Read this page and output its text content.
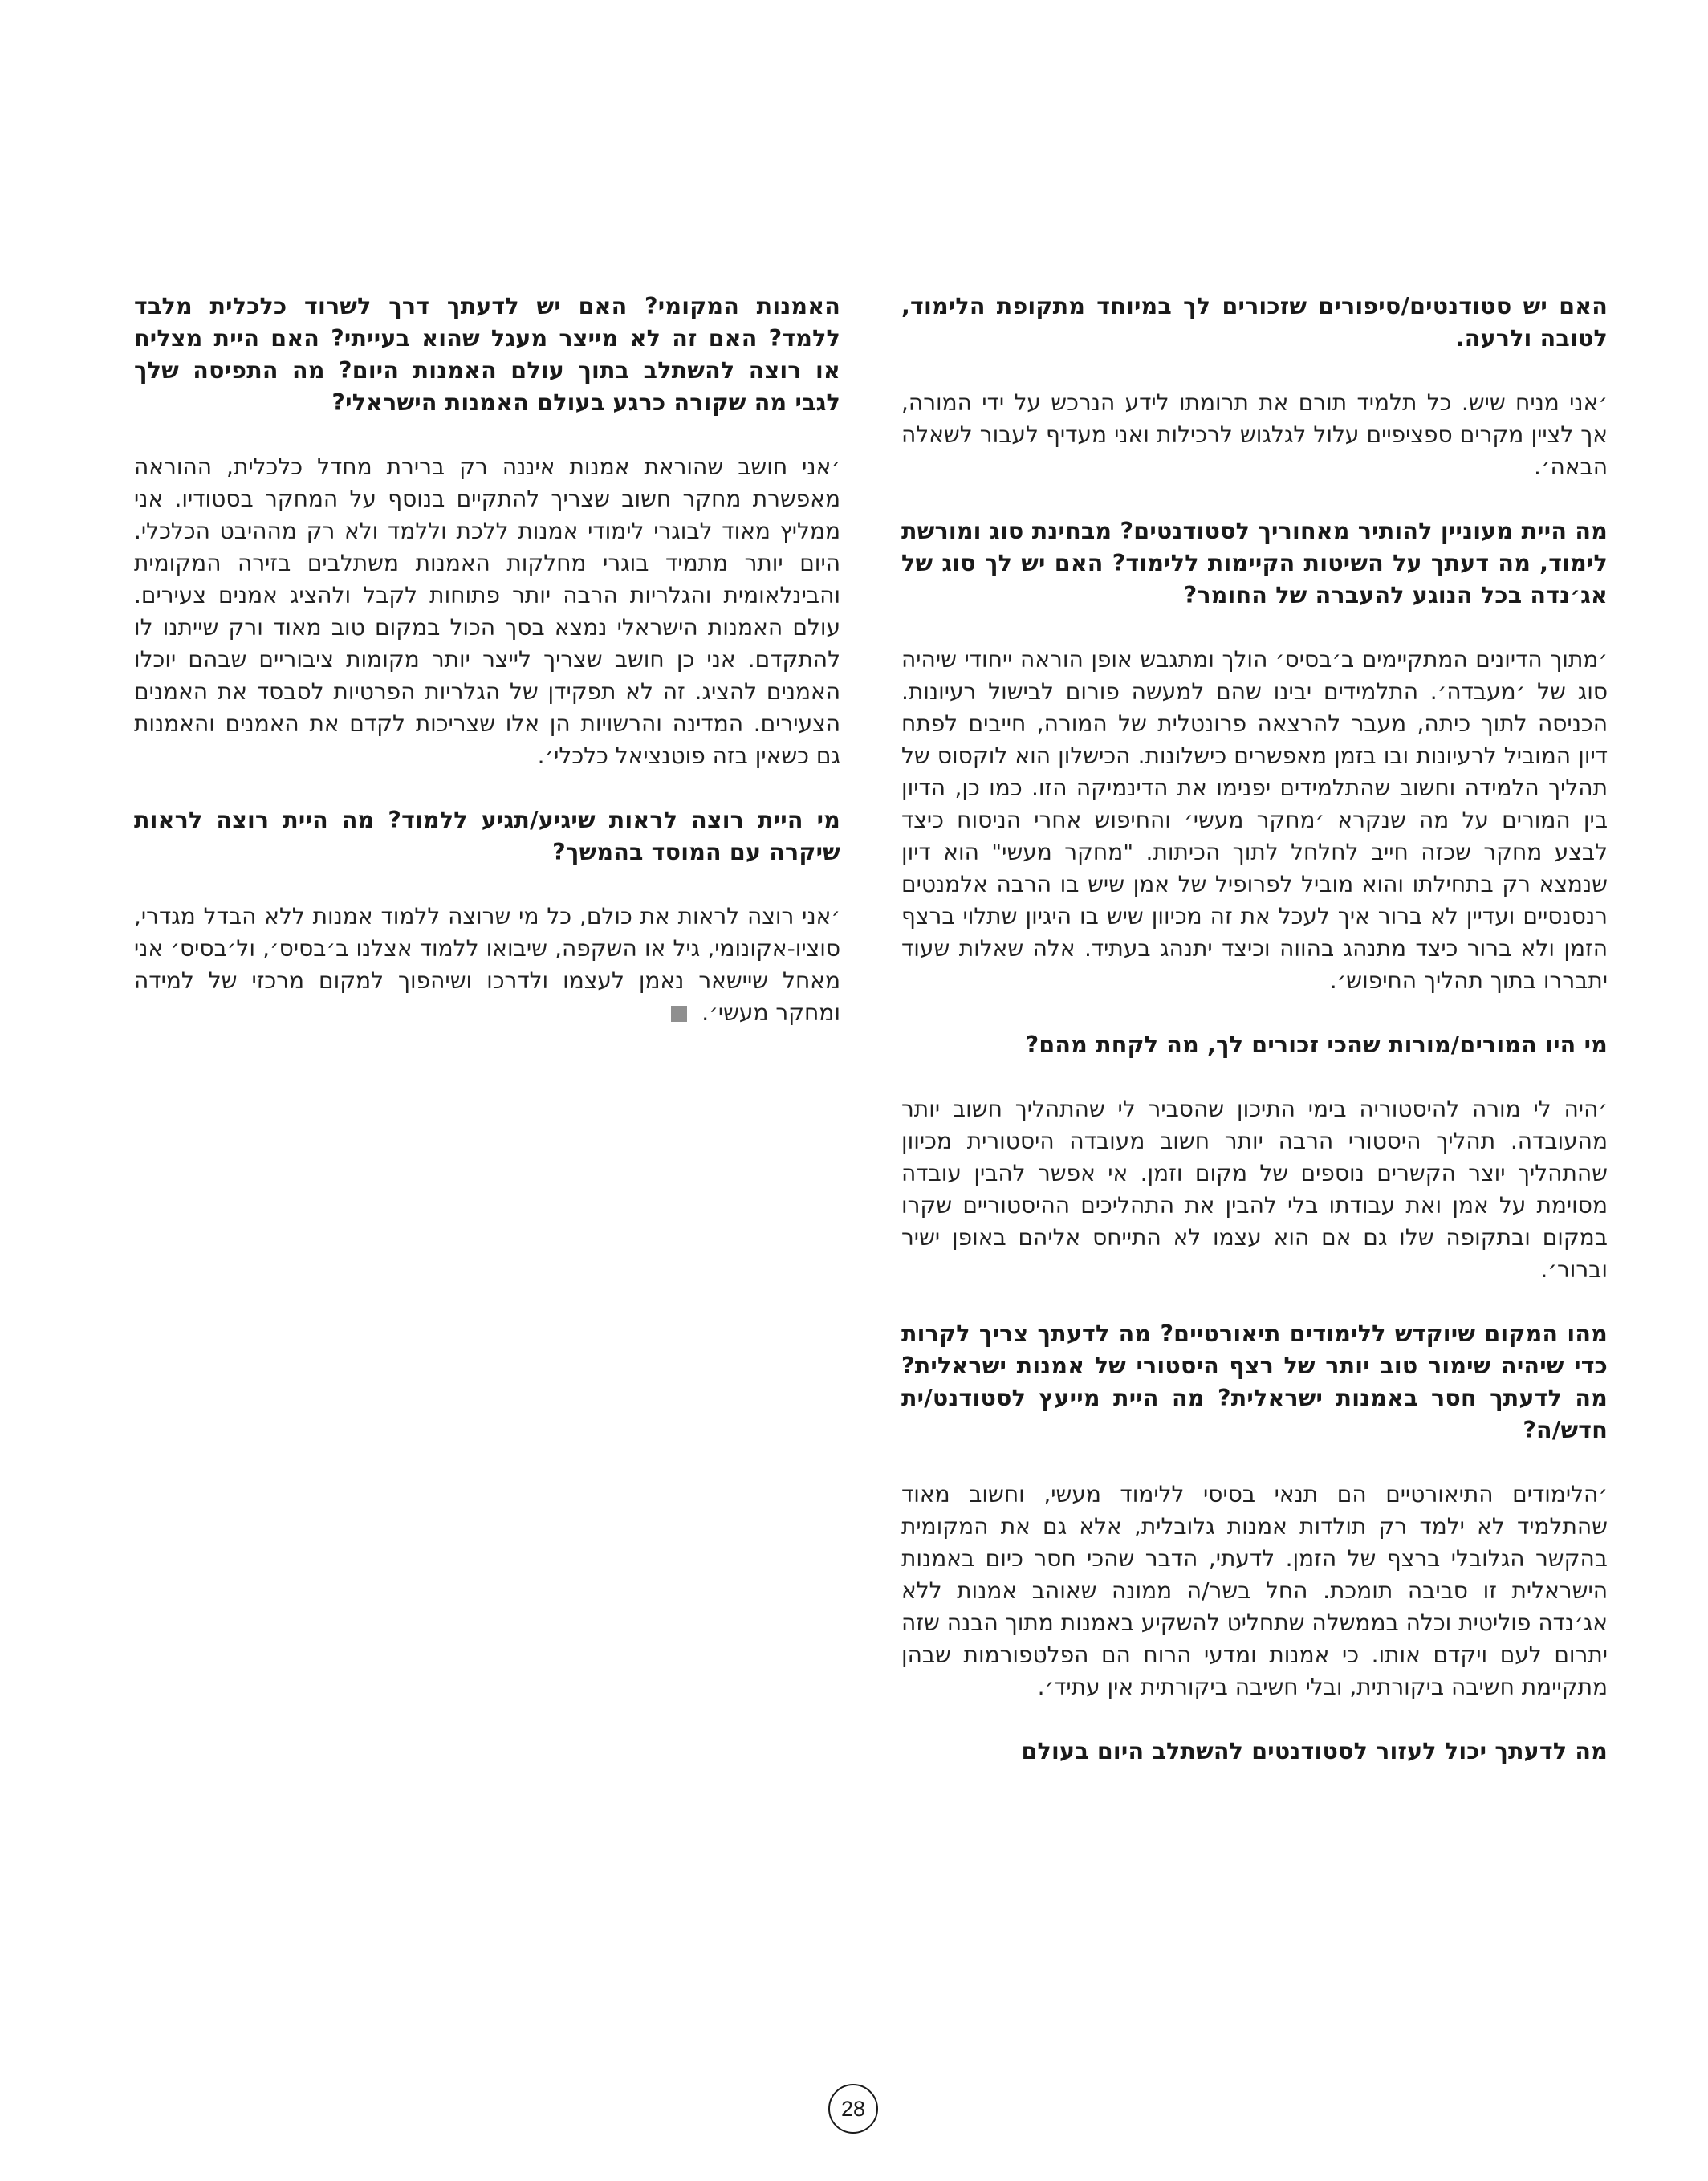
האם יש סטודנטים/סיפורים שזכורים לך במיוחד מתקופת הלימוד, לטובה ולרעה.

׳אני מניח שיש. כל תלמיד תורם את תרומתו לידע הנרכש על ידי המורה, אך לציין מקרים ספציפיים עלול לגלגוש לרכילות ואני מעדיף לעבור לשאלה הבאה׳.

מה היית מעוניין להותיר מאחוריך לסטודנטים? מבחינת סוג ומורשת לימוד, מה דעתך על השיטות הקיימות ללימוד? האם יש לך סוג של אג׳נדה בכל הנוגע להעברה של החומר?

׳מתוך הדיונים המתקיימים ב׳בסיס׳ הולך ומתגבש אופן הוראה ייחודי שיהיה סוג של ׳מעבדה׳. התלמידים יבינו שהם למעשה פורום לבישול רעיונות. הכניסה לתוך כיתה, מעבר להרצאה פרונטלית של המורה, חייבים לפתח דיון המוביל לרעיונות ובו בזמן מאפשרים כישלונות. הכישלון הוא לוקסוס של תהליך הלמידה וחשוב שהתלמידים יפנימו את הדינמיקה הזו. כמו כן, הדיון בין המורים על מה שנקרא ׳מחקר מעשי׳ והחיפוש אחרי הניסוח כיצד לבצע מחקר שכזה חייב לחלחל לתוך הכיתות. "מחקר מעשי" הוא דיון שנמצא רק בתחילתו והוא מוביל לפרופיל של אמן שיש בו הרבה אלמנטים רנסנסיים ועדיין לא ברור איך לעכל את זה מכיוון שיש בו היגיון שתלוי ברצף הזמן ולא ברור כיצד מתנהג בהווה וכיצד יתנהג בעתיד. אלה שאלות שעוד יתבררו בתוך תהליך החיפוש׳.

מי היו המורים/מורות שהכי זכורים לך, מה לקחת מהם?

׳היה לי מורה להיסטוריה בימי התיכון שהסביר לי שהתהליך חשוב יותר מהעובדה. תהליך היסטורי הרבה יותר חשוב מעובדה היסטורית מכיוון שהתהליך יוצר הקשרים נוספים של מקום וזמן. אי אפשר להבין עובדה מסוימת על אמן ואת עבודתו בלי להבין את התהליכים ההיסטוריים שקרו במקום ובתקופה שלו גם אם הוא עצמו לא התייחס אליהם באופן ישיר וברור׳.

מהו המקום שיוקדש ללימודים תיאורטיים? מה לדעתך צריך לקרות כדי שיהיה שימור טוב יותר של רצף היסטורי של אמנות ישראלית? מה לדעתך חסר באמנות ישראלית? מה היית מייעץ לסטודנט/ית חדש/ה?

׳הלימודים התיאורטיים הם תנאי בסיסי ללימוד מעשי, וחשוב מאוד שהתלמיד לא ילמד רק תולדות אמנות גלובלית, אלא גם את המקומית בהקשר הגלובלי ברצף של הזמן. לדעתי, הדבר שהכי חסר כיום באמנות הישראלית זו סביבה תומכת. החל בשר/ה ממונה שאוהב אמנות ללא אג׳נדה פוליטית וכלה בממשלה שתחליט להשקיע באמנות מתוך הבנה שזה יתרום לעם ויקדם אותו. כי אמנות ומדעי הרוח הם הפלטפורמות שבהן מתקיימת חשיבה ביקורתית, ובלי חשיבה ביקורתית אין עתיד׳.

מה לדעתך יכול לעזור לסטודנטים להשתלב היום בעולם

האמנות המקומי? האם יש לדעתך דרך לשרוד כלכלית מלבד ללמד? האם זה לא מייצר מעגל שהוא בעייתי? האם היית מצליח או רוצה להשתלב בתוך עולם האמנות היום? מה התפיסה שלך לגבי מה שקורה כרגע בעולם האמנות הישראלי?

׳אני חושב שהוראת אמנות איננה רק ברירת מחדל כלכלית, ההוראה מאפשרת מחקר חשוב שצריך להתקיים בנוסף על המחקר בסטודיו. אני ממליץ מאוד לבוגרי לימודי אמנות ללכת וללמד ולא רק מההיבט הכלכלי. היום יותר מתמיד בוגרי מחלקות האמנות משתלבים בזירה המקומית והבינלאומית והגלריות הרבה יותר פתוחות לקבל ולהציג אמנים צעירים. עולם האמנות הישראלי נמצא בסך הכול במקום טוב מאוד ורק שייתנו לו להתקדם. אני כן חושב שצריך לייצר יותר מקומות ציבוריים שבהם יוכלו האמנים להציג. זה לא תפקידן של הגלריות הפרטיות לסבסד את האמנים הצעירים. המדינה והרשויות הן אלו שצריכות לקדם את האמנים והאמנות גם כשאין בזה פוטנציאל כלכלי׳.

מי היית רוצה לראות שיגיע/תגיע ללמוד? מה היית רוצה לראות שיקרה עם המוסד בהמשך?

׳אני רוצה לראות את כולם, כל מי שרוצה ללמוד אמנות ללא הבדל מגדרי, סוציו-אקונומי, גיל או השקפה, שיבואו ללמוד אצלנו ב׳בסיס׳, ול׳בסיס׳ אני מאחל שיישאר נאמן לעצמו ולדרכו ושיהפוך למקום מרכזי של למידה ומחקר מעשי׳.

28
